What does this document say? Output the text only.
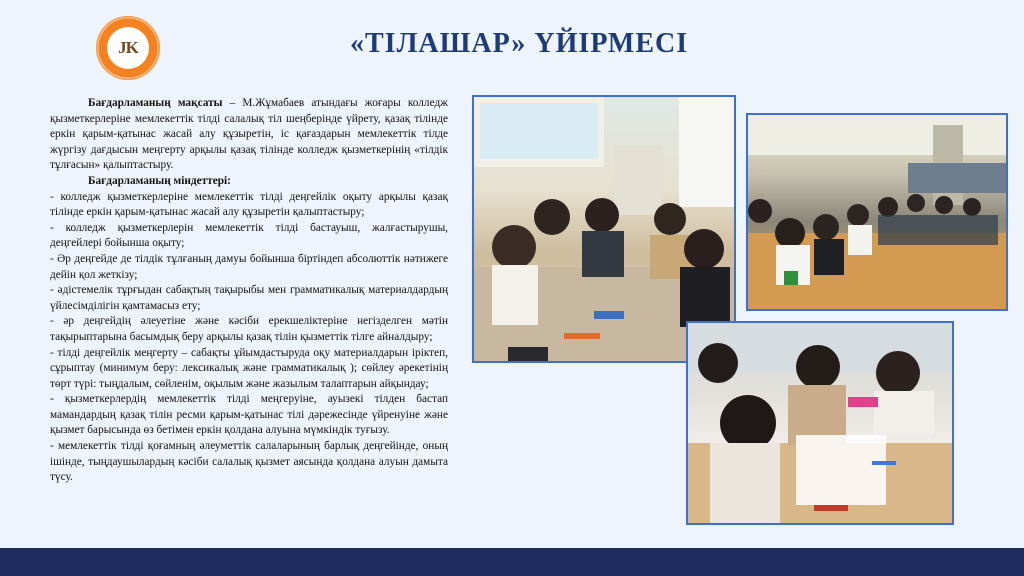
JK	«ТІЛАШАР» ҮЙІРМЕСІ

Бағдарламаның мақсаты – М.Жұмабаев атындағы жоғары колледж қызметкерлеріне мемлекеттік тілді салалық тіл шеңберінде үйрету, қазақ тілінде еркін қарым-қатынас жасай алу құзыретін, іс қағаздарын мемлекеттік тілде жүргізу дағдысын меңгерту арқылы қазақ тілінде колледж қызметкерінің «тілдік тұлғасын» қалыптастыру.

Бағдарламаның міндеттері:

- колледж қызметкерлеріне мемлекеттік тілді деңгейлік оқыту арқылы қазақ тілінде еркін қарым-қатынас жасай алу құзыретін қалыптастыру;

- колледж қызметкерлерін мемлекеттік тілді бастауыш, жалғастырушы, деңгейлері бойынша оқыту;

- Әр деңгейде де тілдік тұлғаның дамуы бойынша біртіндеп абсолюттік нәтижеге дейін қол жеткізу;

- әдістемелік тұрғыдан сабақтың тақырыбы мен грамматикалық материалдардың үйлесімділігін қамтамасыз ету;

- әр деңгейдің әлеуетіне және кәсіби ерекшеліктеріне негізделген мәтін тақырыптарына басымдық беру арқылы қазақ тілін қызметтік тілге айналдыру;

- тілді деңгейлік меңгерту – сабақты ұйымдастыруда оқу материалдарын іріктеп, сұрыптау (минимум беру: лексикалық және грамматикалық ); сөйлеу әрекетінің төрт түрі: тыңдалым, сөйленім, оқылым және жазылым талаптарын айқындау;

- қызметкерлердің мемлекеттік тілді меңгеруіне, ауызекі тілден бастап мамандардың қазақ тілін ресми қарым-қатынас тілі дәрежесінде үйренуіне және қызмет барысында өз бетімен еркін қолдана алуына мүмкіндік туғызу.

- мемлекеттік тілді қоғамның әлеуметтік салаларының барлық деңгейінде, оның ішінде, тыңдаушылардың кәсіби салалық қызмет аясында қолдана алуын дамыта түсу.
